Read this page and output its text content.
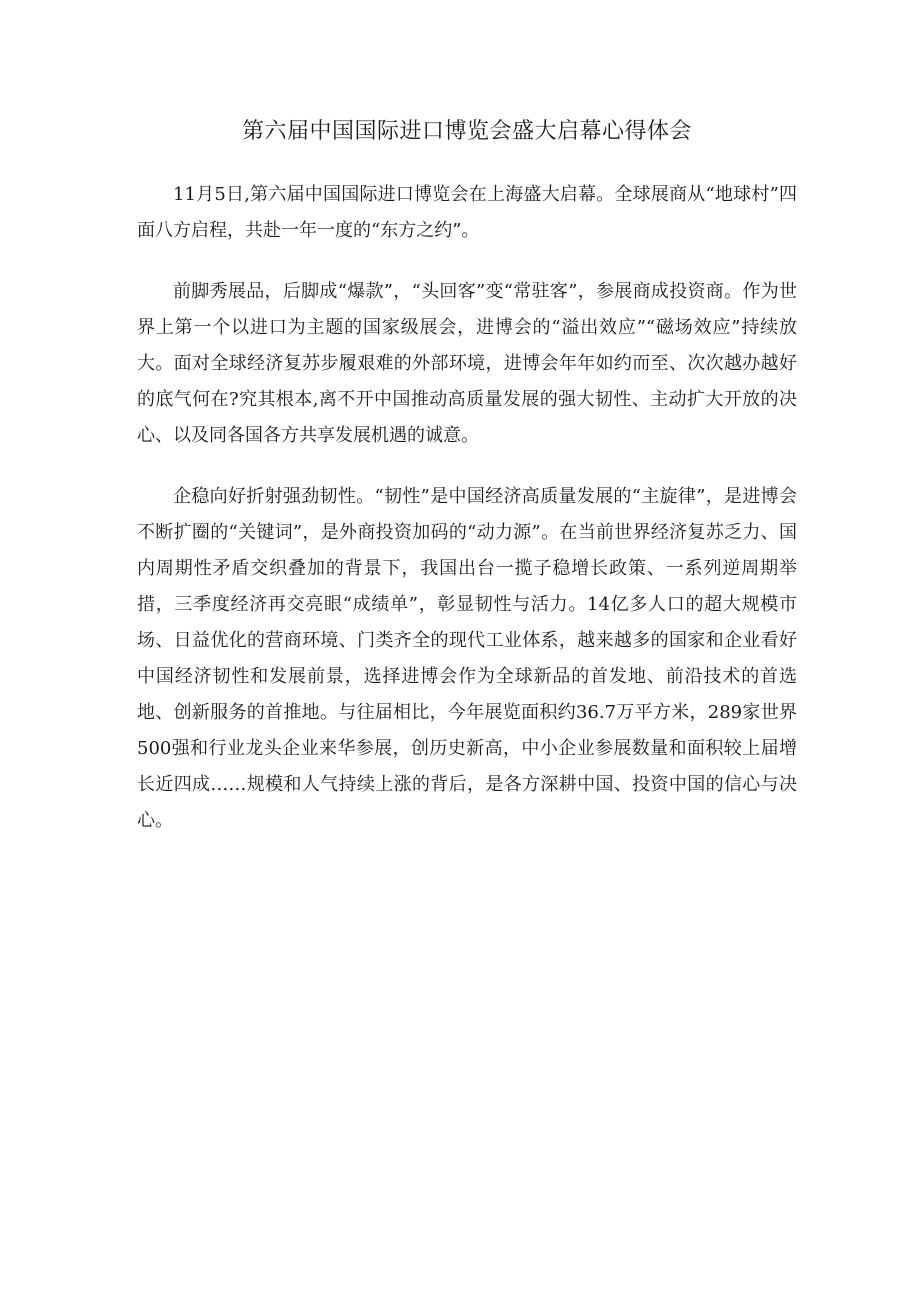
第六届中国国际进口博览会盛大启幕心得体会

11月5日,第六届中国国际进口博览会在上海盛大启幕。全球展商从“地球村”四面八方启程，共赴一年一度的“东方之约”。

前脚秀展品，后脚成“爆款”，“头回客”变“常驻客”，参展商成投资商。作为世界上第一个以进口为主题的国家级展会，进博会的“溢出效应”“磁场效应”持续放大。面对全球经济复苏步履艰难的外部环境，进博会年年如约而至、次次越办越好的底气何在?究其根本,离不开中国推动高质量发展的强大韧性、主动扩大开放的决心、以及同各国各方共享发展机遇的诚意。

企稳向好折射强劲韧性。“韧性”是中国经济高质量发展的“主旋律”，是进博会不断扩圈的“关键词”，是外商投资加码的“动力源”。在当前世界经济复苏乏力、国内周期性矛盾交织叠加的背景下，我国出台一揽子稳增长政策、一系列逆周期举措，三季度经济再交亮眼“成绩单”，彰显韧性与活力。14亿多人口的超大规模市场、日益优化的营商环境、门类齐全的现代工业体系，越来越多的国家和企业看好中国经济韧性和发展前景，选择进博会作为全球新品的首发地、前沿技术的首选地、创新服务的首推地。与往届相比，今年展览面积约36.7万平方米，289家世界500强和行业龙头企业来华参展，创历史新高，中小企业参展数量和面积较上届增长近四成……规模和人气持续上涨的背后，是各方深耕中国、投资中国的信心与决心。
